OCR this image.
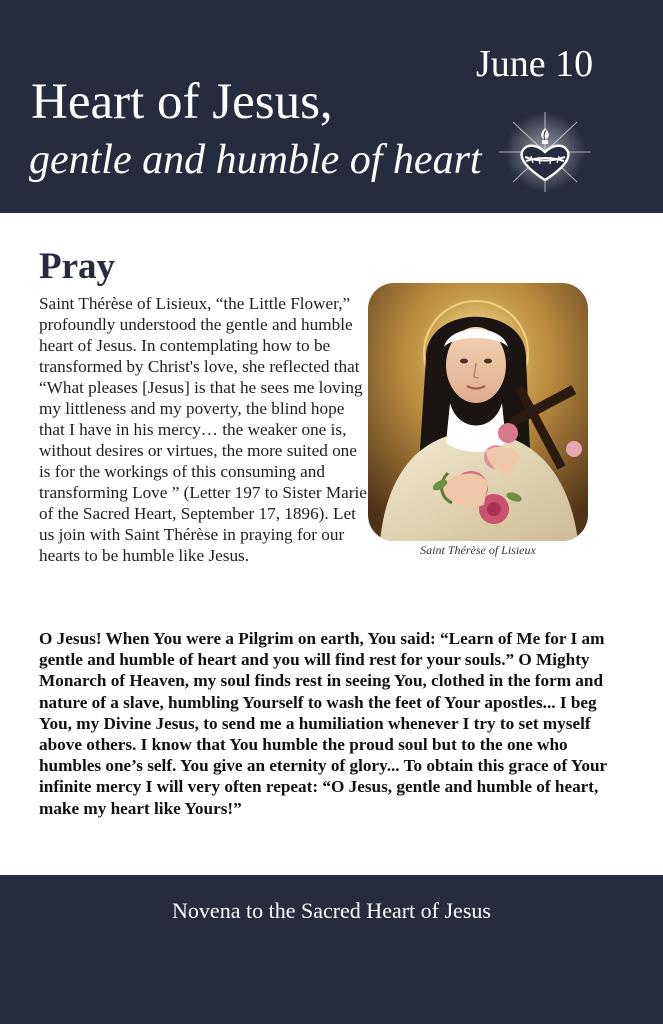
June 10
Heart of Jesus,
gentle and humble of heart
Pray
Saint Thérèse of Lisieux, “the Little Flower,” profoundly understood the gentle and humble heart of Jesus. In contemplating how to be transformed by Christ's love, she reflected that “What pleases [Jesus] is that he sees me loving my littleness and my poverty, the blind hope that I have in his mercy… the weaker one is, without desires or virtues, the more suited one is for the workings of this consuming and transforming Love ” (Letter 197 to Sister Marie of the Sacred Heart, September 17, 1896). Let us join with Saint Thérèse in praying for our hearts to be humble like Jesus.	Saint Thérèse of Lisieux
O Jesus! When You were a Pilgrim on earth, You said: “Learn of Me for I am gentle and humble of heart and you will find rest for your souls.” O Mighty Monarch of Heaven, my soul finds rest in seeing You, clothed in the form and nature of a slave, humbling Yourself to wash the feet of Your apostles... I beg You, my Divine Jesus, to send me a humiliation whenever I try to set myself above others. I know that You humble the proud soul but to the one who humbles one’s self. You give an eternity of glory... To obtain this grace of Your infinite mercy I will very often repeat: “O Jesus, gentle and humble of heart, make my heart like Yours!”
Novena to the Sacred Heart of Jesus
